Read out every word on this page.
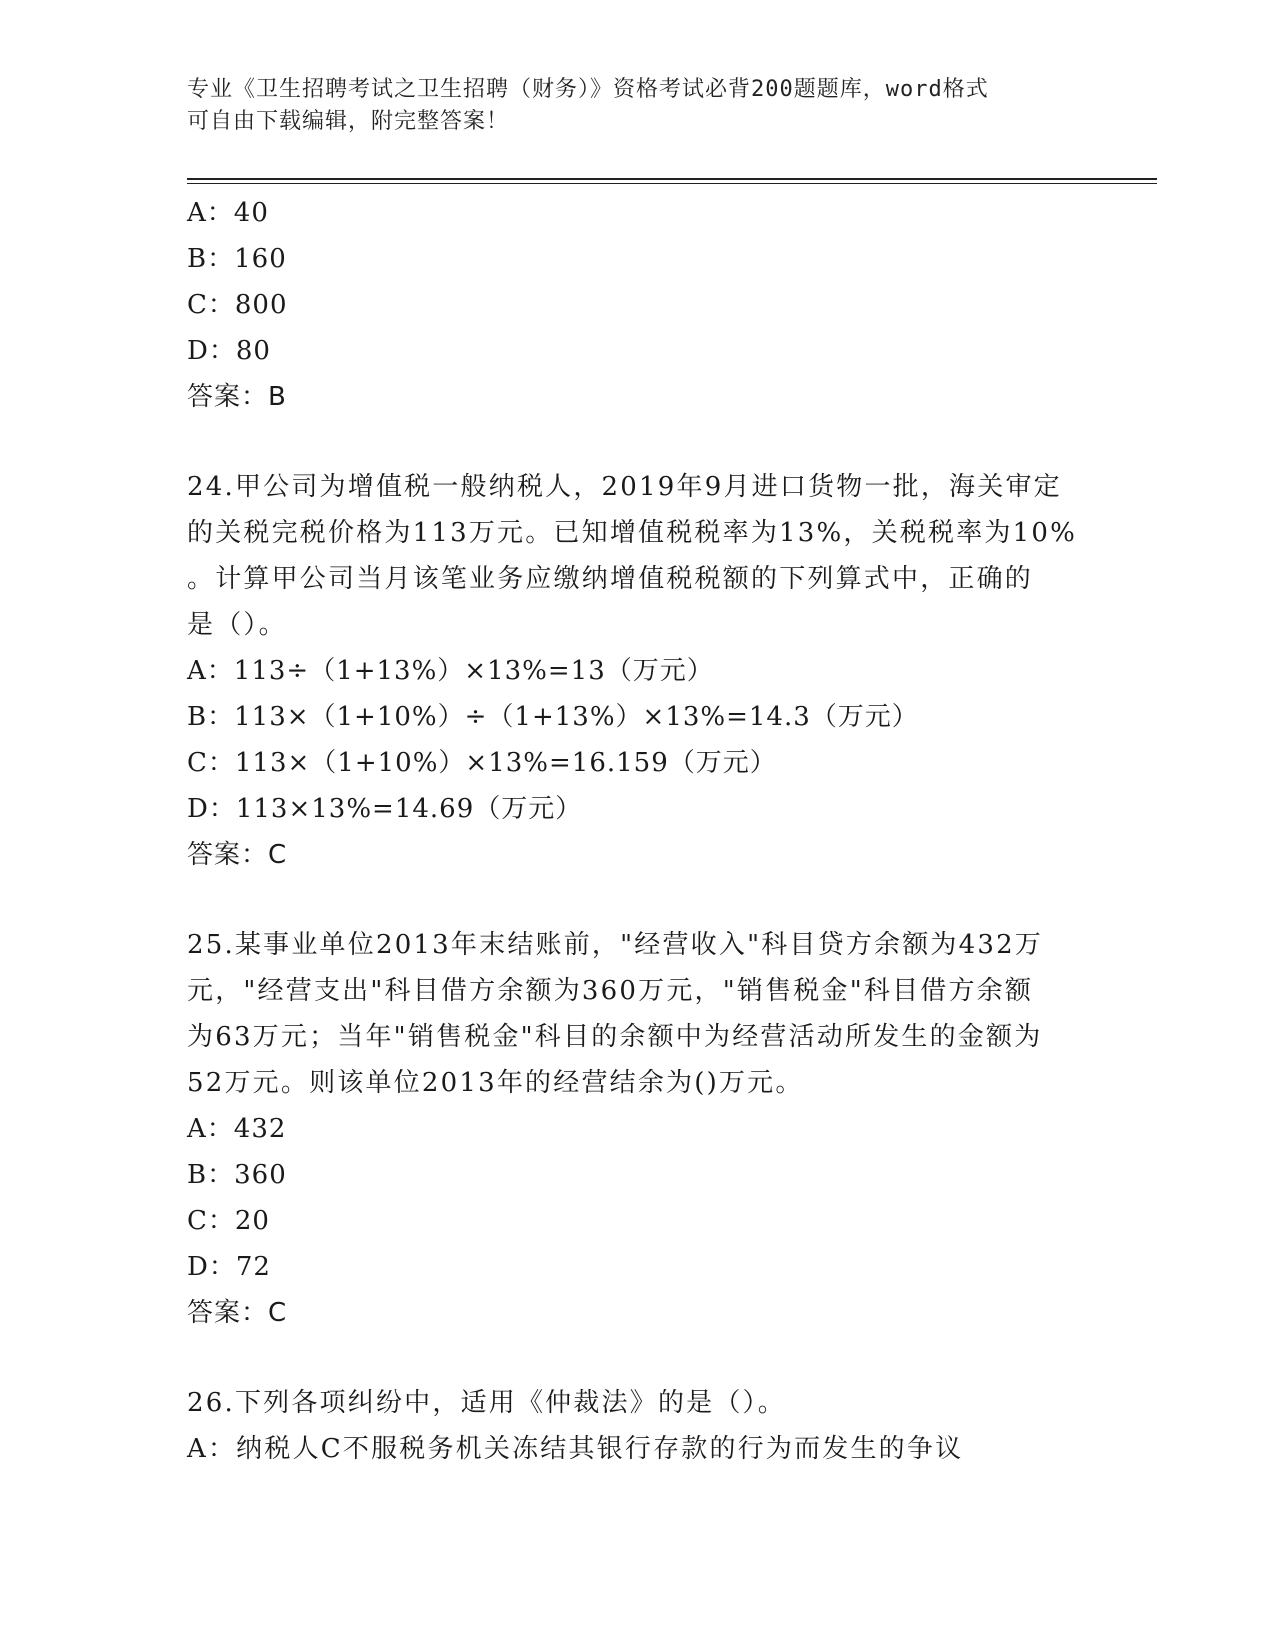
专业《卫生招聘考试之卫生招聘（财务）》资格考试必背200题题库，word格式
可自由下载编辑，附完整答案！
A：40
B：160
C：800
D：80
答案：B
24.甲公司为增值税一般纳税人，2019年9月进口货物一批，海关审定
的关税完税价格为113万元。已知增值税税率为13%，关税税率为10%
。计算甲公司当月该笔业务应缴纳增值税税额的下列算式中，正确的
是（）。
A：113÷（1+13%）×13%=13（万元）
B：113×（1+10%）÷（1+13%）×13%=14.3（万元）
C：113×（1+10%）×13%=16.159（万元）
D：113×13%=14.69（万元）
答案：C
25.某事业单位2013年末结账前，"经营收入"科目贷方余额为432万
元，"经营支出"科目借方余额为360万元，"销售税金"科目借方余额
为63万元；当年"销售税金"科目的余额中为经营活动所发生的金额为
52万元。则该单位2013年的经营结余为()万元。
A：432
B：360
C：20
D：72
答案：C
26.下列各项纠纷中，适用《仲裁法》的是（）。
A：纳税人C不服税务机关冻结其银行存款的行为而发生的争议
